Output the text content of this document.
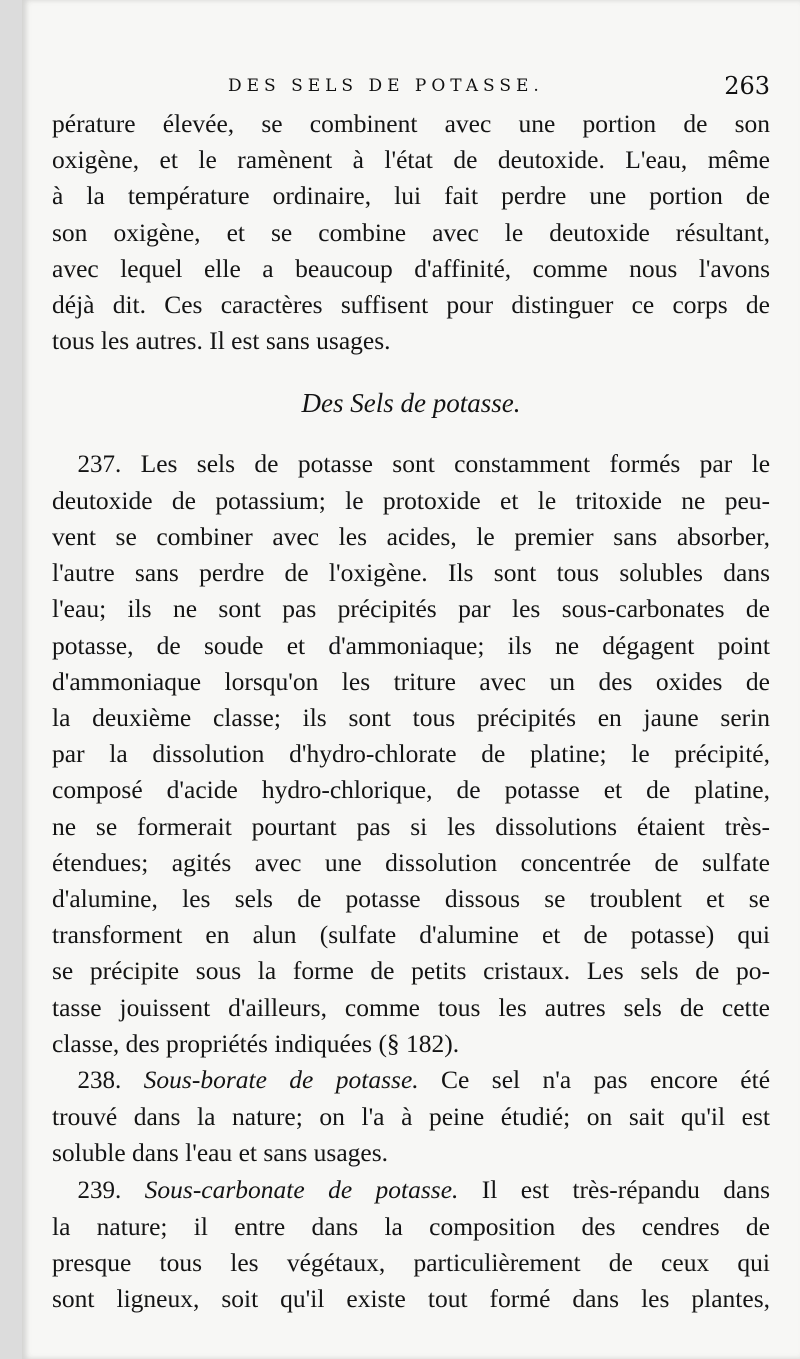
DES SELS DE POTASSE.	263

pérature élevée, se combinent avec une portion de son
oxigène, et le ramènent à l'état de deutoxide. L'eau, même
à la température ordinaire, lui fait perdre une portion de
son oxigène, et se combine avec le deutoxide résultant,
avec lequel elle a beaucoup d'affinité, comme nous l'avons
déjà dit. Ces caractères suffisent pour distinguer ce corps de
tous les autres. Il est sans usages.

Des Sels de potasse.

 237. Les sels de potasse sont constamment formés par le
deutoxide de potassium; le protoxide et le tritoxide ne peu-
vent se combiner avec les acides, le premier sans absorber,
l'autre sans perdre de l'oxigène. Ils sont tous solubles dans
l'eau; ils ne sont pas précipités par les sous-carbonates de
potasse, de soude et d'ammoniaque; ils ne dégagent point
d'ammoniaque lorsqu'on les triture avec un des oxides de
la deuxième classe; ils sont tous précipités en jaune serin
par la dissolution d'hydro-chlorate de platine; le précipité,
composé d'acide hydro-chlorique, de potasse et de platine,
ne se formerait pourtant pas si les dissolutions étaient très-
étendues; agités avec une dissolution concentrée de sulfate
d'alumine, les sels de potasse dissous se troublent et se
transforment en alun (sulfate d'alumine et de potasse) qui
se précipite sous la forme de petits cristaux. Les sels de po-
tasse jouissent d'ailleurs, comme tous les autres sels de cette
classe, des propriétés indiquées (§ 182).

 238. Sous-borate de potasse. Ce sel n'a pas encore été
trouvé dans la nature; on l'a à peine étudié; on sait qu'il est
soluble dans l'eau et sans usages.

 239. Sous-carbonate de potasse. Il est très-répandu dans
la nature; il entre dans la composition des cendres de
presque tous les végétaux, particulièrement de ceux qui
sont ligneux, soit qu'il existe tout formé dans les plantes,
